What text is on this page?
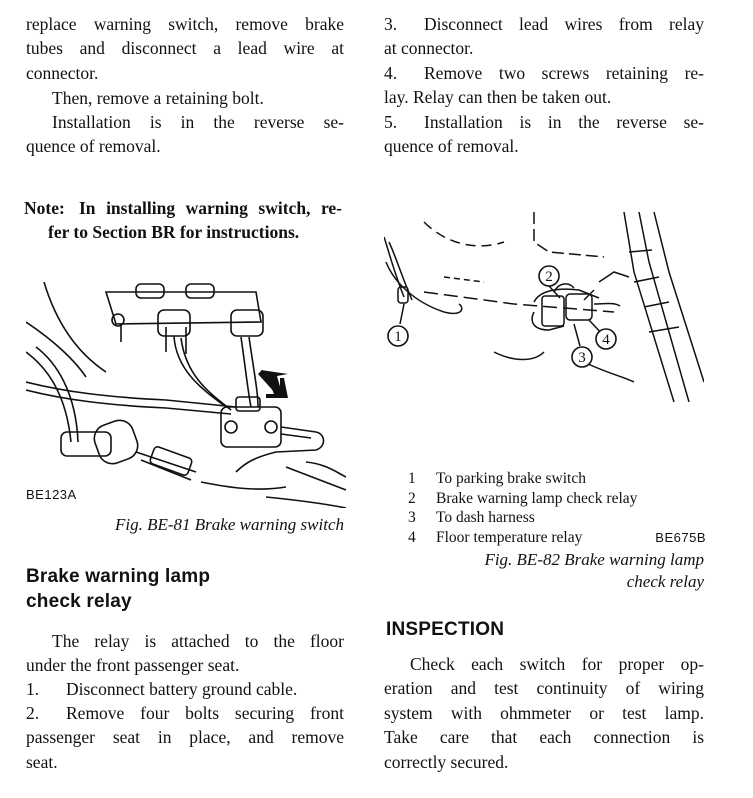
replace warning switch, remove brake
tubes and disconnect a lead wire at
connector.
Then, remove a retaining bolt.
Installation is in the reverse se-
quence of removal.
Note: In installing warning switch, re-
fer to Section BR for instructions.
BE123A
Fig. BE-81 Brake warning switch
Brake warning lamp
check relay
The relay is attached to the floor
under the front passenger seat.
1. Disconnect battery ground cable.
2. Remove four bolts securing front
passenger seat in place, and remove
seat.
3. Disconnect lead wires from relay
at connector.
4. Remove two screws retaining re-
lay. Relay can then be taken out.
5. Installation is in the reverse se-
quence of removal.
1
2
3
4
1 To parking brake switch
2 Brake warning lamp check relay
3 To dash harness
4 Floor temperature relay	BE675B
Fig. BE-82 Brake warning lamp
check relay
INSPECTION
Check each switch for proper op-
eration and test continuity of wiring
system with ohmmeter or test lamp.
Take care that each connection is
correctly secured.
